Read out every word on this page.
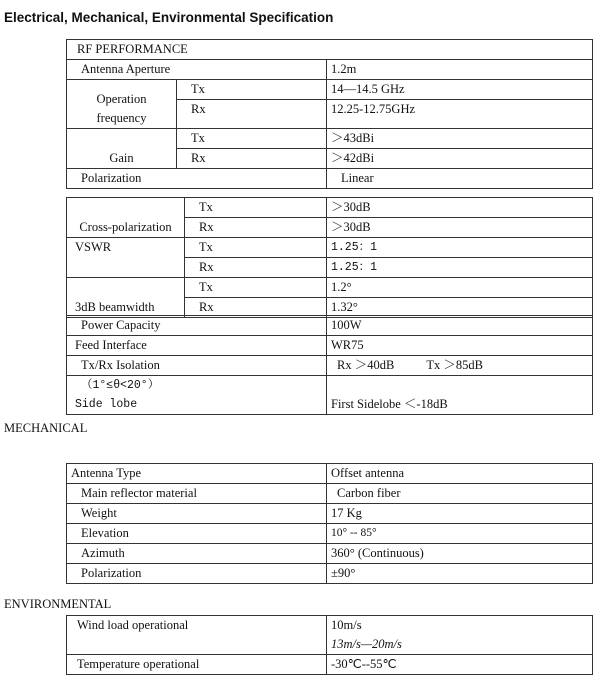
Electrical, Mechanical, Environmental Specification
RF PERFORMANCE		
Antenna Aperture		1.2m

Operation
frequency	Tx	14—14.5 GHz
	Rx	12.25-12.75GHz

Gain	Tx	＞43dBi
	Rx	＞42dBi
Polarization		Linear
Cross-polarization	Tx	＞30dB
	Rx	＞30dB
VSWR	Tx	1.25：1
	Rx	1.25：1
3dB beamwidth	Tx	1.2°
	Rx	1.32°
Power Capacity	100W
Feed Interface	WR75
Tx/Rx Isolation	Rx ＞40dB Tx ＞85dB

（1°≤θ<20°）
Side lobe	First Sidelobe ＜-18dB
MECHANICAL
Antenna Type	Offset antenna
Main reflector material	Carbon fiber
Weight	17 Kg
Elevation	10° -- 85°
Azimuth	360° (Continuous)
Polarization	±90°
ENVIRONMENTAL
Wind load operational	10m/s
13m/s—20m/s

Temperature operational	-30℃--55℃
